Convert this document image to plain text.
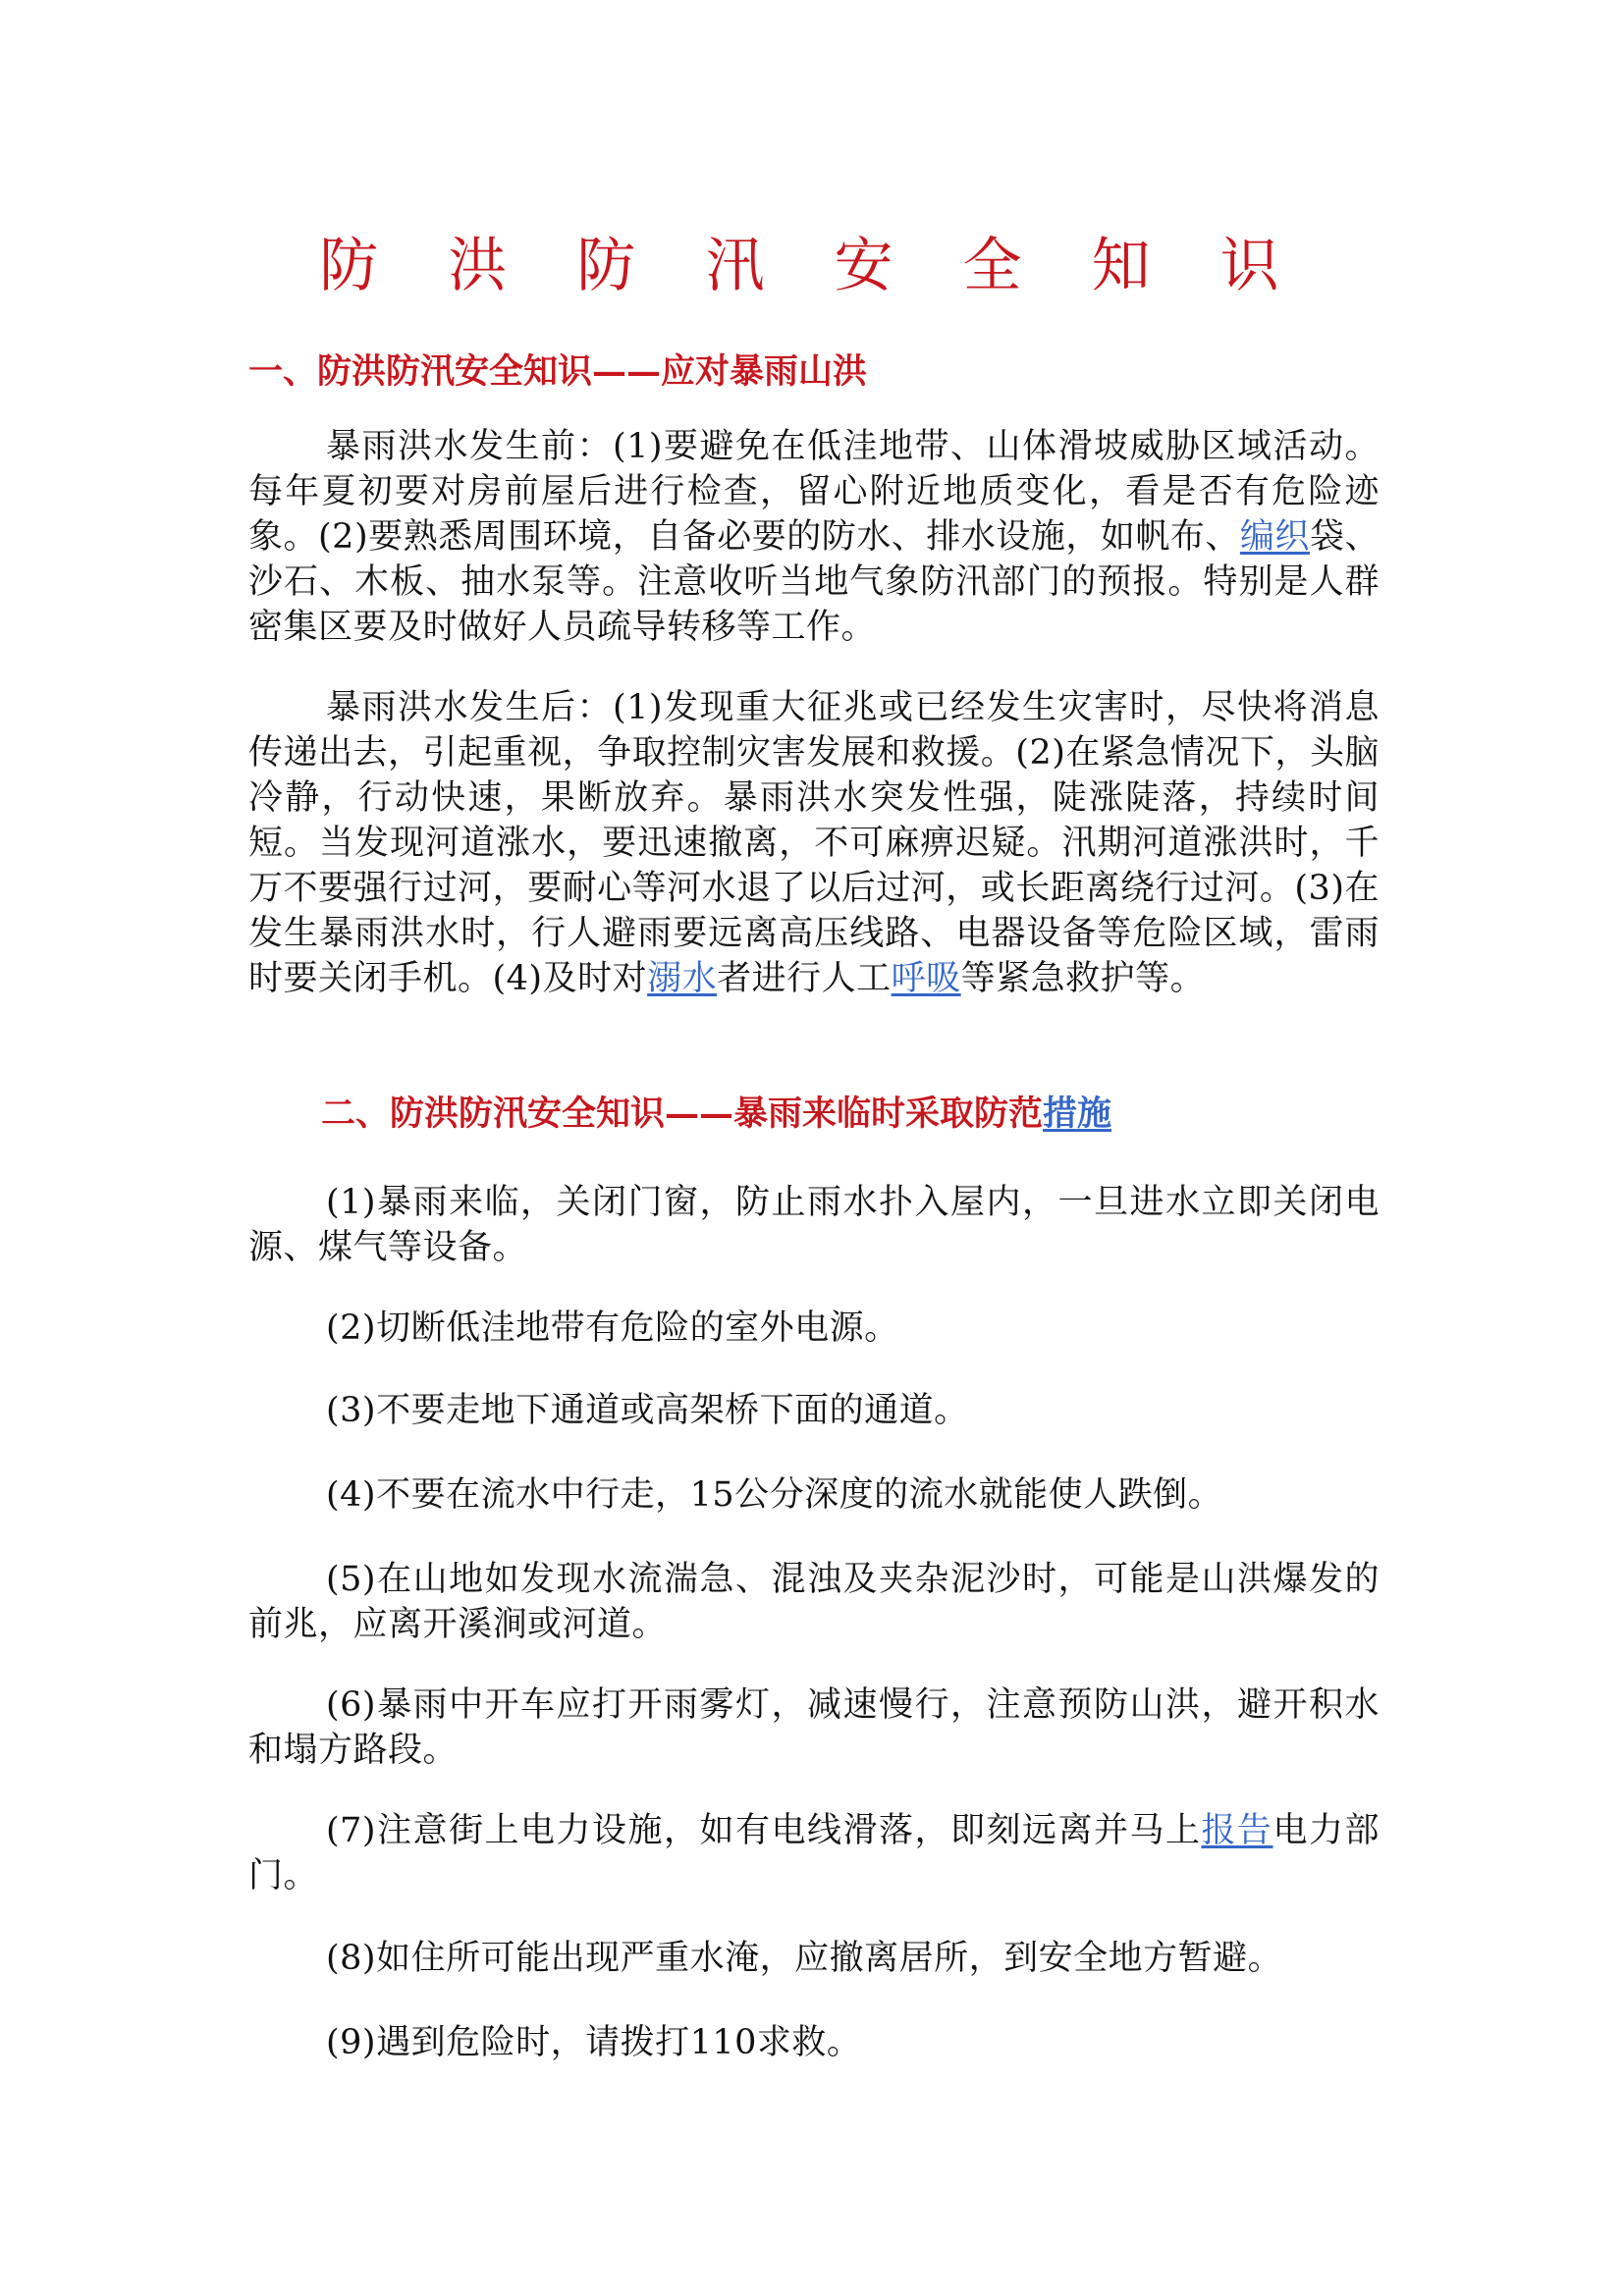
防 洪 防 汛 安 全 知 识
一、防洪防汛安全知识——应对暴雨山洪

暴雨洪水发生前：(1)要避免在低洼地带、山体滑坡威胁区域活动。每年夏初要对房前屋后进行检查，留心附近地质变化，看是否有危险迹象。(2)要熟悉周围环境，自备必要的防水、排水设施，如帆布、编织袋、沙石、木板、抽水泵等。注意收听当地气象防汛部门的预报。特别是人群密集区要及时做好人员疏导转移等工作。

暴雨洪水发生后：(1)发现重大征兆或已经发生灾害时，尽快将消息传递出去，引起重视，争取控制灾害发展和救援。(2)在紧急情况下，头脑冷静，行动快速，果断放弃。暴雨洪水突发性强，陡涨陡落，持续时间短。当发现河道涨水，要迅速撤离，不可麻痹迟疑。汛期河道涨洪时，千万不要强行过河，要耐心等河水退了以后过河，或长距离绕行过河。(3)在发生暴雨洪水时，行人避雨要远离高压线路、电器设备等危险区域，雷雨时要关闭手机。(4)及时对溺水者进行人工呼吸等紧急救护等。

二、防洪防汛安全知识——暴雨来临时采取防范措施

(1)暴雨来临，关闭门窗，防止雨水扑入屋内，一旦进水立即关闭电源、煤气等设备。

(2)切断低洼地带有危险的室外电源。

(3)不要走地下通道或高架桥下面的通道。

(4)不要在流水中行走，15公分深度的流水就能使人跌倒。

(5)在山地如发现水流湍急、混浊及夹杂泥沙时，可能是山洪爆发的前兆，应离开溪涧或河道。

(6)暴雨中开车应打开雨雾灯，减速慢行，注意预防山洪，避开积水和塌方路段。

(7)注意街上电力设施，如有电线滑落，即刻远离并马上报告电力部门。

(8)如住所可能出现严重水淹，应撤离居所，到安全地方暂避。

(9)遇到危险时，请拨打110求救。
